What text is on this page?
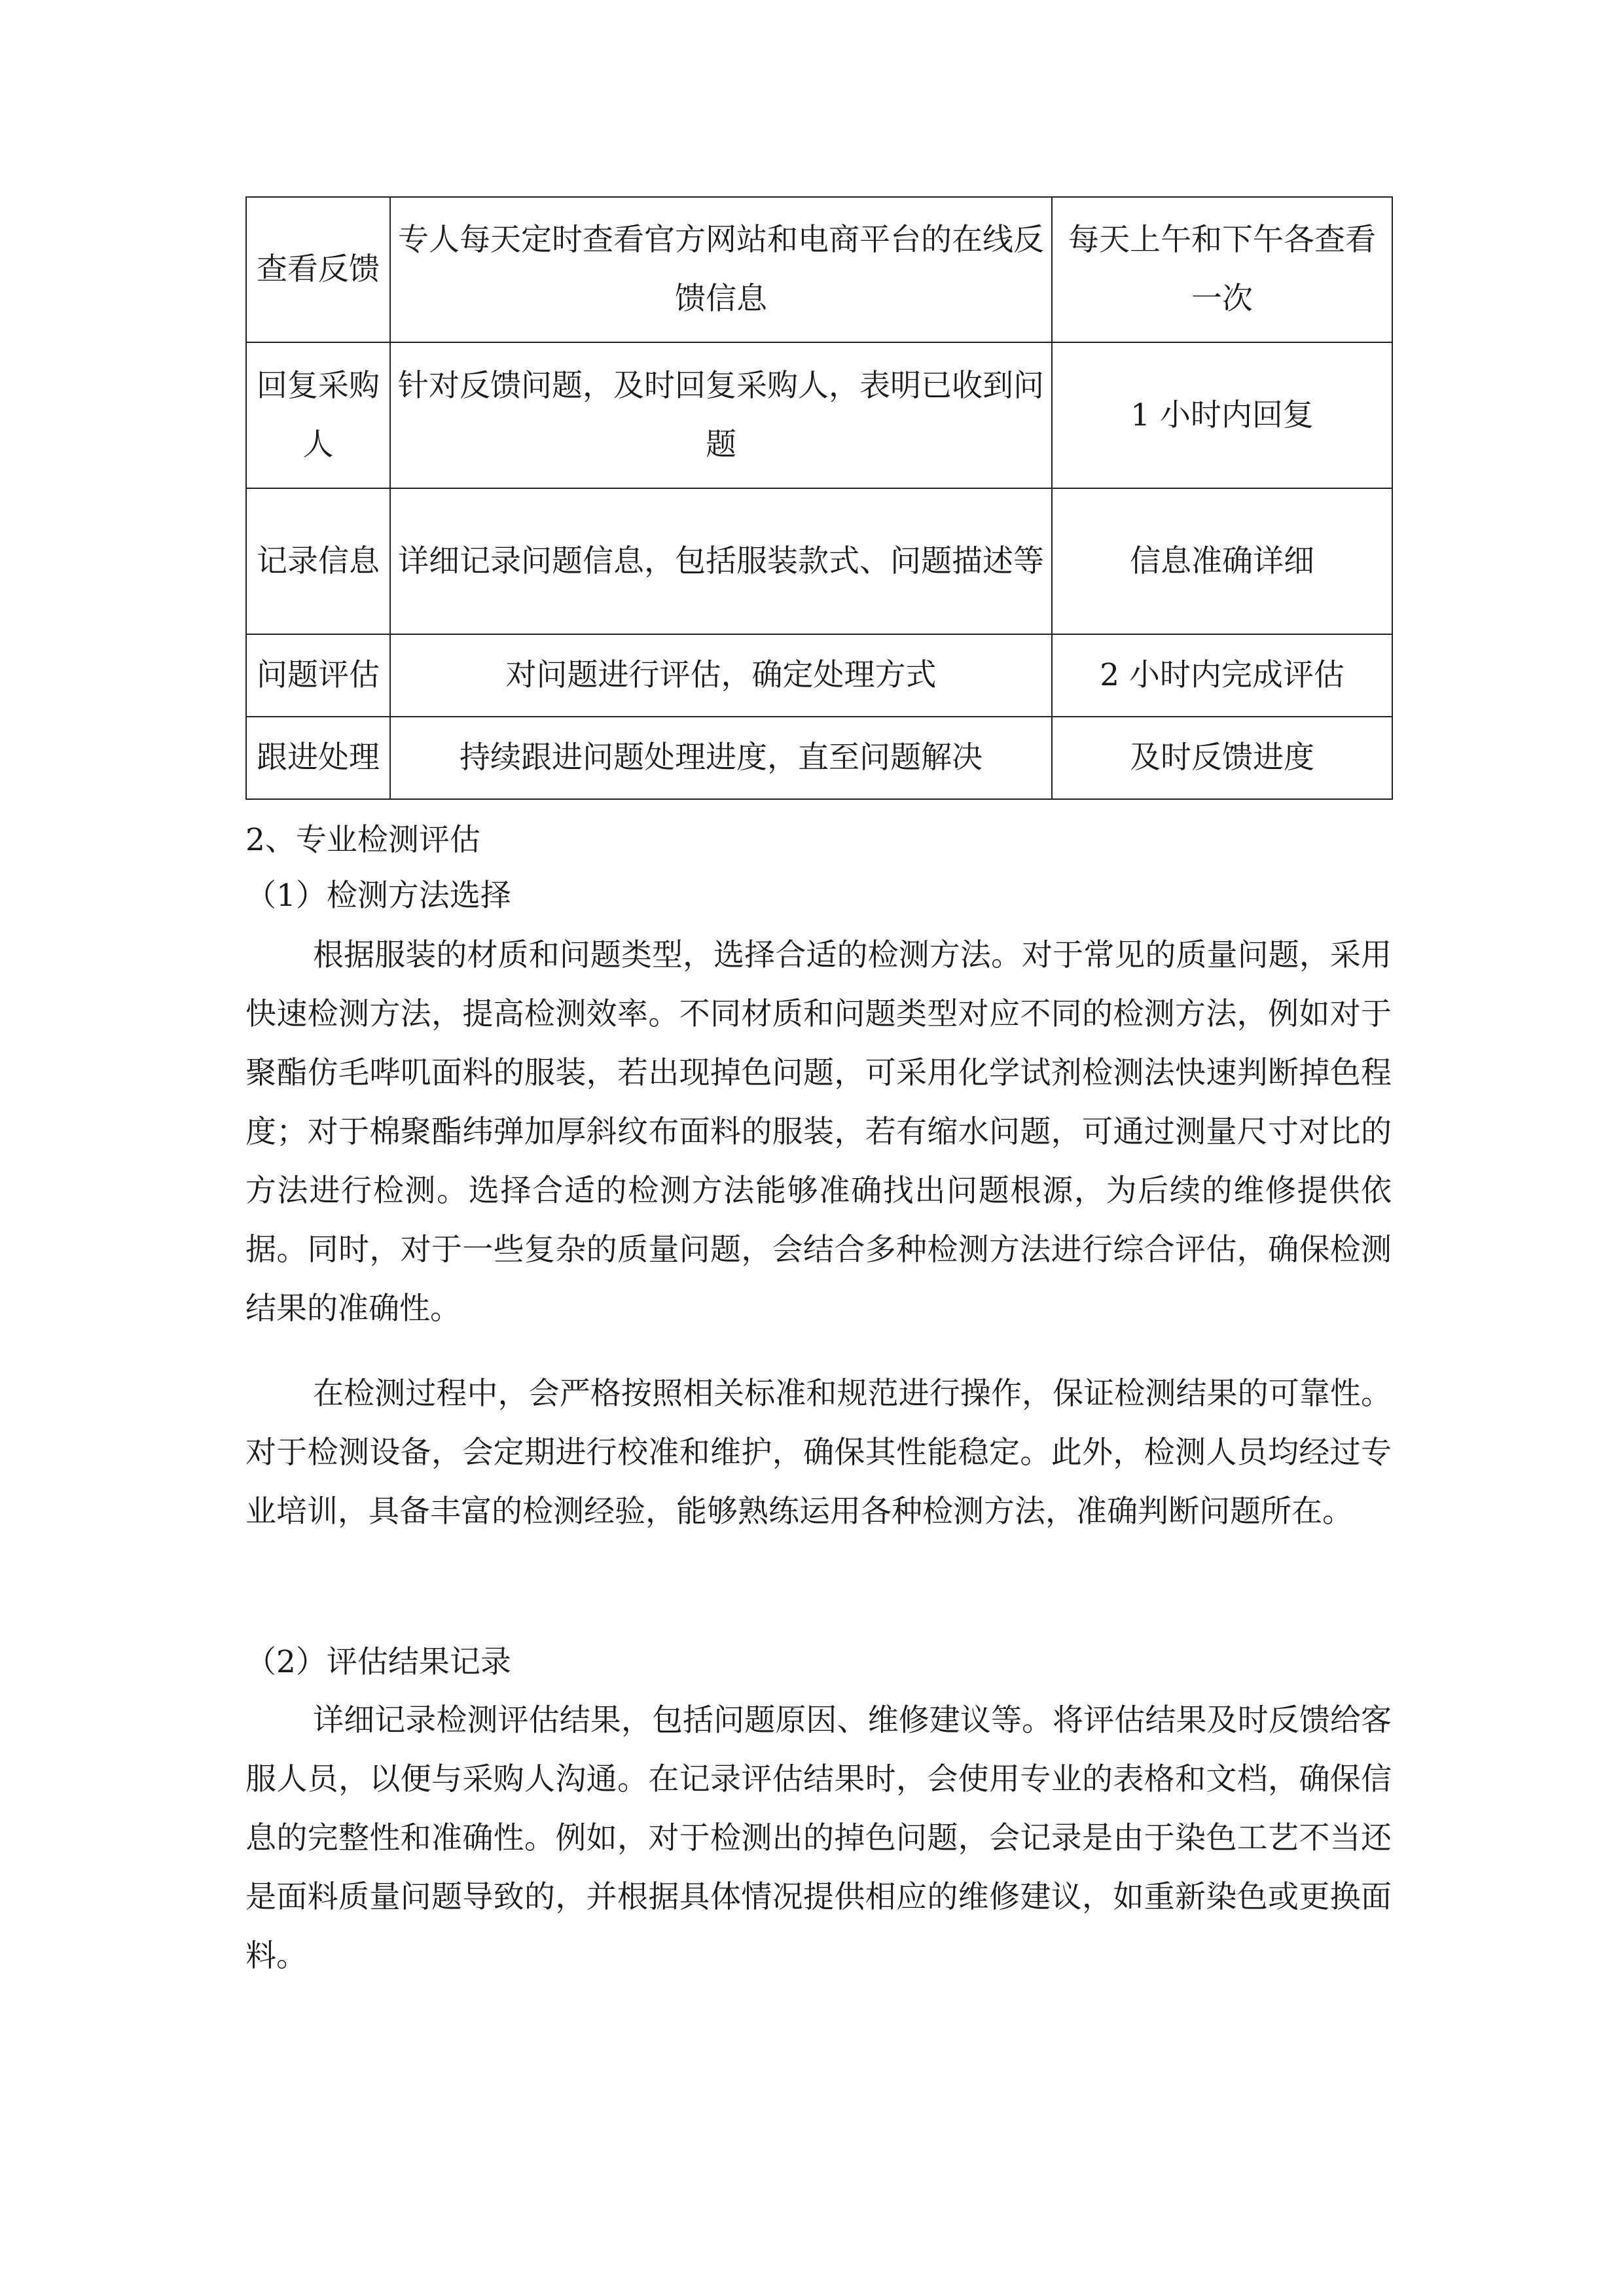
查看反馈	专人每天定时查看官方网站和电商平台的在线反馈信息	每天上午和下午各查看一次
回复采购人	针对反馈问题，及时回复采购人，表明已收到问题	1 小时内回复
记录信息	详细记录问题信息，包括服装款式、问题描述等	信息准确详细
问题评估	对问题进行评估，确定处理方式	2 小时内完成评估
跟进处理	持续跟进问题处理进度，直至问题解决	及时反馈进度
2、专业检测评估
（1）检测方法选择

根据服装的材质和问题类型，选择合适的检测方法。对于常见的质量问题，采用快速检测方法，提高检测效率。不同材质和问题类型对应不同的检测方法，例如对于聚酯仿毛哔叽面料的服装，若出现掉色问题，可采用化学试剂检测法快速判断掉色程度；对于棉聚酯纬弹加厚斜纹布面料的服装，若有缩水问题，可通过测量尺寸对比的方法进行检测。选择合适的检测方法能够准确找出问题根源，为后续的维修提供依据。同时，对于一些复杂的质量问题，会结合多种检测方法进行综合评估，确保检测结果的准确性。

在检测过程中，会严格按照相关标准和规范进行操作，保证检测结果的可靠性。对于检测设备，会定期进行校准和维护，确保其性能稳定。此外，检测人员均经过专业培训，具备丰富的检测经验，能够熟练运用各种检测方法，准确判断问题所在。

（2）评估结果记录

详细记录检测评估结果，包括问题原因、维修建议等。将评估结果及时反馈给客服人员，以便与采购人沟通。在记录评估结果时，会使用专业的表格和文档，确保信息的完整性和准确性。例如，对于检测出的掉色问题，会记录是由于染色工艺不当还是面料质量问题导致的，并根据具体情况提供相应的维修建议，如重新染色或更换面料。
